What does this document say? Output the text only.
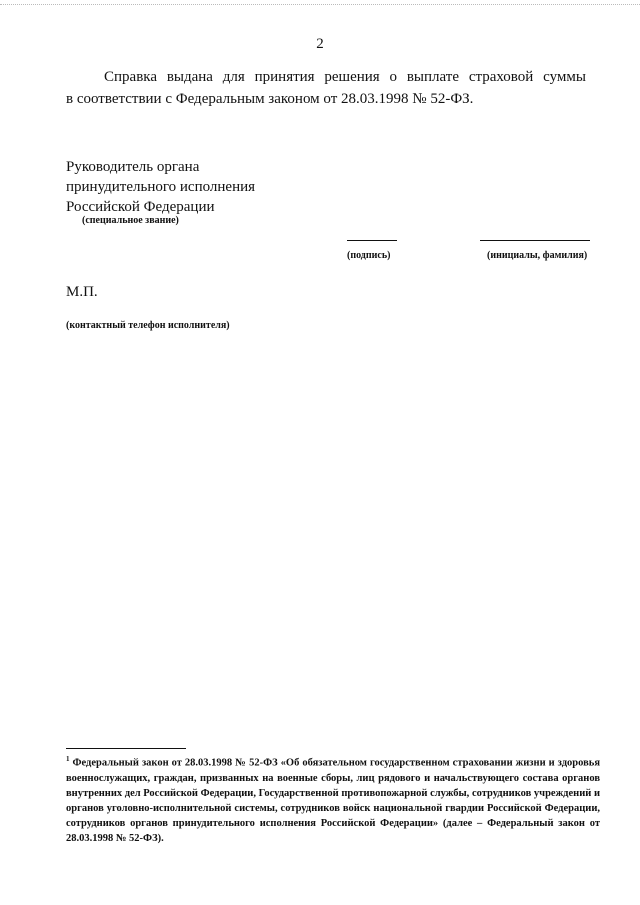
2
Справка выдана для принятия решения о выплате страховой суммы
в соответствии с Федеральным законом от 28.03.1998 № 52-ФЗ.
Руководитель органа
принудительного исполнения
Российской Федерации
(специальное звание)
(подпись)	(инициалы, фамилия)
М.П.
(контактный телефон исполнителя)
$^1$ Федеральный закон от 28.03.1998 № 52-ФЗ «Об обязательном государственном страховании жизни и здоровья военнослужащих, граждан, призванных на военные сборы, лиц рядового и начальствующего состава органов внутренних дел Российской Федерации, Государственной противопожарной службы, сотрудников учреждений и органов уголовно-исполнительной системы, сотрудников войск национальной гвардии Российской Федерации, сотрудников органов принудительного исполнения Российской Федерации» (далее – Федеральный закон от 28.03.1998 № 52-ФЗ).
